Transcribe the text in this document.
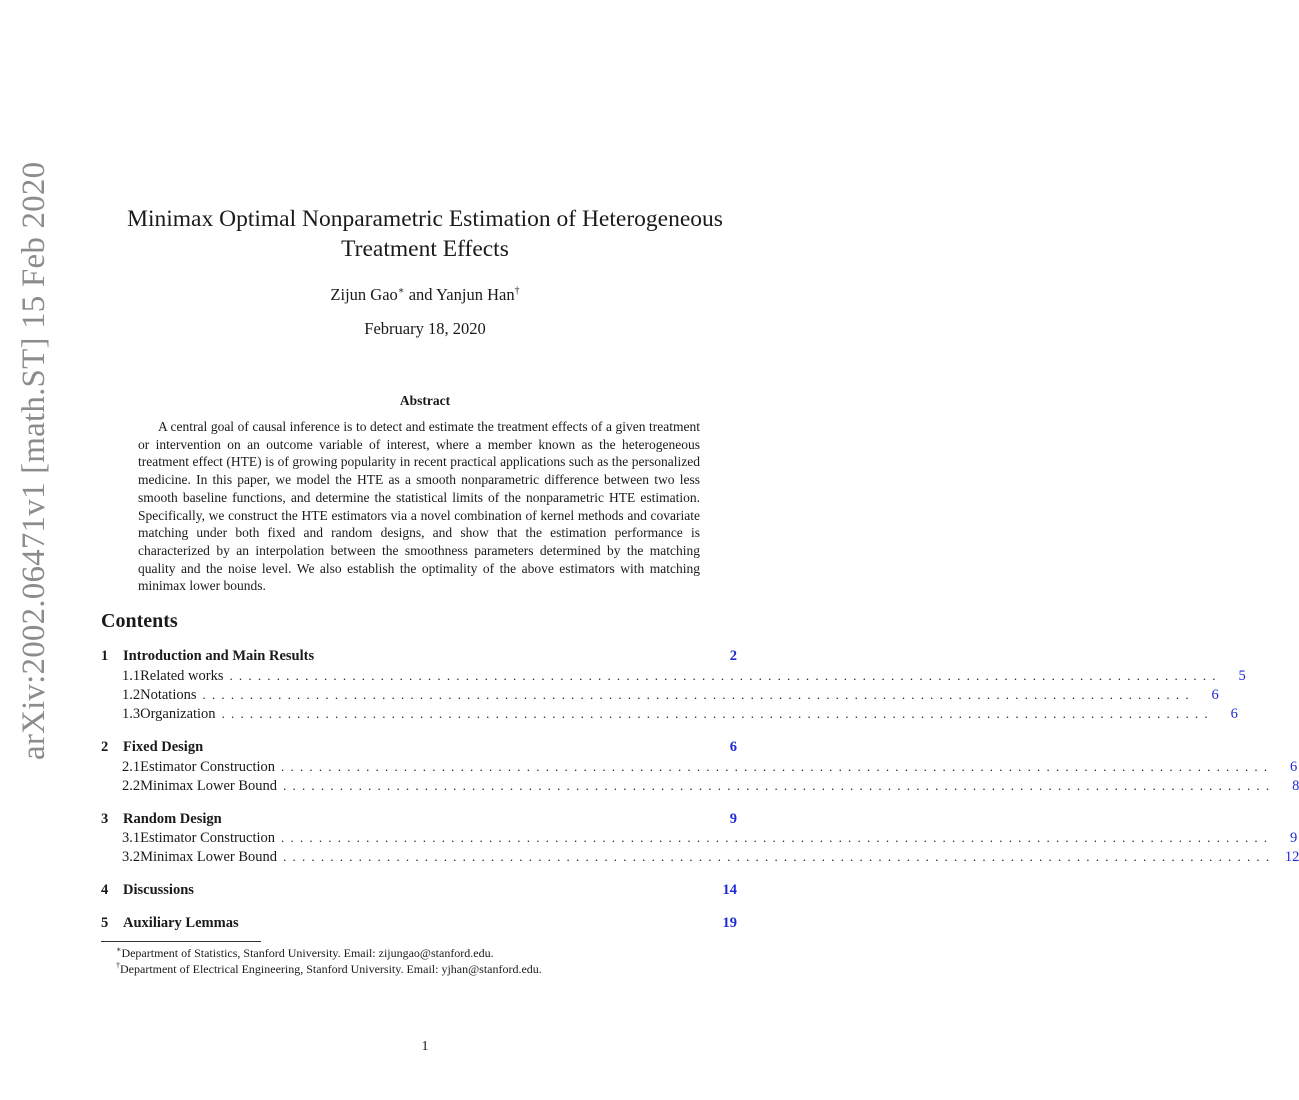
arXiv:2002.06471v1 [math.ST] 15 Feb 2020	Minimax Optimal Nonparametric Estimation of Heterogeneous
Treatment Effects
Zijun Gao∗ and Yanjun Han†
February 18, 2020
Abstract
A central goal of causal inference is to detect and estimate the treatment effects of a given treatment or intervention on an outcome variable of interest, where a member known as the heterogeneous treatment effect (HTE) is of growing popularity in recent practical applications such as the personalized medicine. In this paper, we model the HTE as a smooth nonparametric difference between two less smooth baseline functions, and determine the statistical limits of the nonparametric HTE estimation. Specifically, we construct the HTE estimators via a novel combination of kernel methods and covariate matching under both fixed and random designs, and show that the estimation performance is characterized by an interpolation between the smoothness parameters determined by the matching quality and the noise level. We also establish the optimality of the above estimators with matching minimax lower bounds.
Contents
1	Introduction and Main Results	2
1.1 Related works .........................................................................................................	5
1.2 Notations .........................................................................................................	6
1.3 Organization .........................................................................................................	6
2	Fixed Design	6
2.1 Estimator Construction .........................................................................................................	6
2.2 Minimax Lower Bound .........................................................................................................	8
3	Random Design	9
3.1 Estimator Construction .........................................................................................................	9
3.2 Minimax Lower Bound ......................................................................................................... 12
4	Discussions	14
5	Auxiliary Lemmas	19
∗Department of Statistics, Stanford University. Email: zijungao@stanford.edu.
†Department of Electrical Engineering, Stanford University. Email: yjhan@stanford.edu.
1
